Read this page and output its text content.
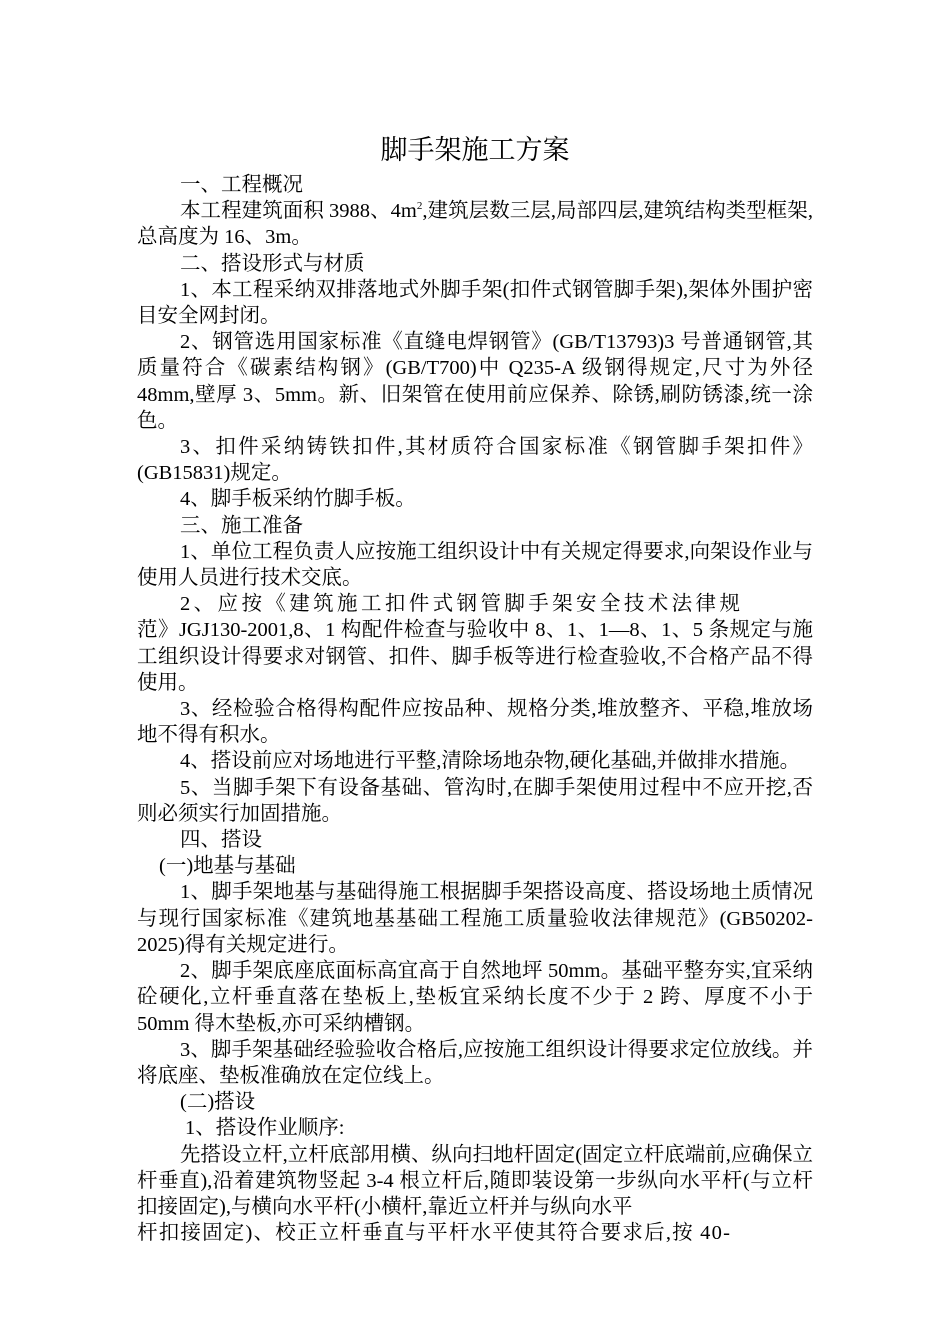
脚手架施工方案

一、工程概况

本工程建筑面积 3988、$4m^2$,建筑层数三层,局部四层,建筑结构类型框架,总高度为 16、3m。

二、搭设形式与材质

1、本工程采纳双排落地式外脚手架(扣件式钢管脚手架),架体外围护密目安全网封闭。

2、钢管选用国家标准《直缝电焊钢管》(GB/T13793)3 号普通钢管,其质量符合《碳素结构钢》(GB/T700)中 Q235-A 级钢得规定,尺寸为外径 48mm,壁厚 3、5mm。新、旧架管在使用前应保养、除锈,刷防锈漆,统一涂色。

3、扣件采纳铸铁扣件,其材质符合国家标准《钢管脚手架扣件》(GB15831)规定。

4、脚手板采纳竹脚手板。

三、施工准备

1、单位工程负责人应按施工组织设计中有关规定得要求,向架设作业与使用人员进行技术交底。

2、应按《建筑施工扣件式钢管脚手架安全技术法律规

范》JGJ130-2001,8、1 构配件检查与验收中 8、1、1—8、1、5 条规定与施工组织设计得要求对钢管、扣件、脚手板等进行检查验收,不合格产品不得使用。

3、经检验合格得构配件应按品种、规格分类,堆放整齐、平稳,堆放场地不得有积水。

4、搭设前应对场地进行平整,清除场地杂物,硬化基础,并做排水措施。

5、当脚手架下有设备基础、管沟时,在脚手架使用过程中不应开挖,否则必须实行加固措施。

四、搭设

(一)地基与基础

1、脚手架地基与基础得施工根据脚手架搭设高度、搭设场地土质情况与现行国家标准《建筑地基基础工程施工质量验收法律规范》(GB50202-2025)得有关规定进行。

2、脚手架底座底面标高宜高于自然地坪 50mm。基础平整夯实,宜采纳砼硬化,立杆垂直落在垫板上,垫板宜采纳长度不少于 2 跨、厚度不小于 50mm 得木垫板,亦可采纳槽钢。

3、脚手架基础经验验收合格后,应按施工组织设计得要求定位放线。并将底座、垫板准确放在定位线上。

(二)搭设

1、搭设作业顺序:

先搭设立杆,立杆底部用横、纵向扫地杆固定(固定立杆底端前,应确保立杆垂直),沿着建筑物竖起 3-4 根立杆后,随即装设第一步纵向水平杆(与立杆扣接固定),与横向水平杆(小横杆,靠近立杆并与纵向水平

杆扣接固定)、校正立杆垂直与平杆水平使其符合要求后,按 40-
